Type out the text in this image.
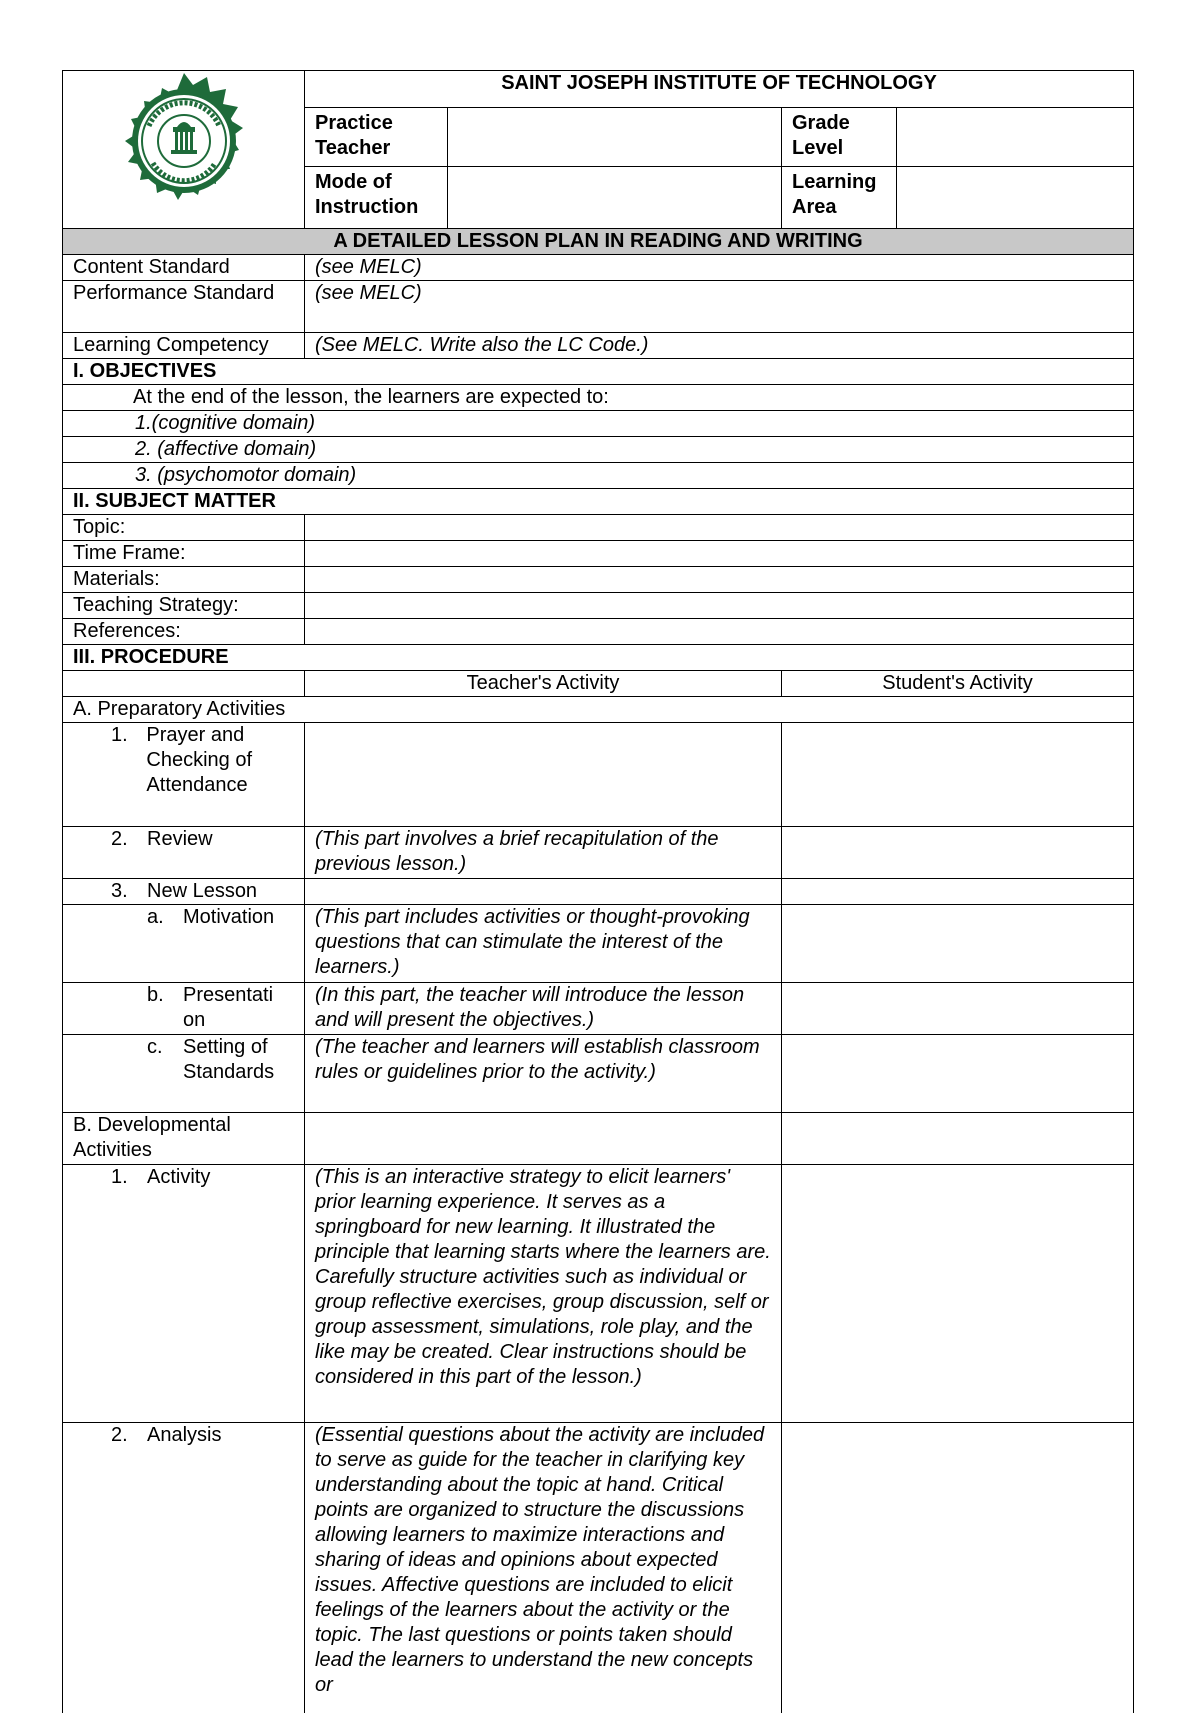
	SAINT JOSEPH INSTITUTE OF TECHNOLOGY			
	Practice Teacher		Grade Level	
	Mode of Instruction		Learning Area	
A DETAILED LESSON PLAN IN READING AND WRITING				
Content Standard	(see MELC)			
Performance Standard	(see MELC)			
Learning Competency	(See MELC. Write also the LC Code.)			
I. OBJECTIVES				
At the end of the lesson, the learners are expected to:				
1.(cognitive domain)				
2. (affective domain)				
3. (psychomotor domain)				
II. SUBJECT MATTER				
Topic:				
Time Frame:				
Materials:				
Teaching Strategy:				
References:				
III. PROCEDURE				
	Teacher's Activity		Student's Activity	
A. Preparatory Activities				

1. Prayer and Checking of Attendance				

2. Review	(This part involves a brief recapitulation of the previous lesson.)			

3. New Lesson				

a. Motivation	(This part includes activities or thought-provoking questions that can stimulate the interest of the learners.)			

b. Presentation	(In this part, the teacher will introduce the lesson and will present the objectives.)			

c. Setting of Standards	(The teacher and learners will establish classroom rules or guidelines prior to the activity.)			
B. Developmental Activities				

1. Activity	(This is an interactive strategy to elicit learners' prior learning experience. It serves as a springboard for new learning. It illustrated the principle that learning starts where the learners are. Carefully structure activities such as individual or group reflective exercises, group discussion, self or group assessment, simulations, role play, and the like may be created. Clear instructions should be considered in this part of the lesson.)			

2. Analysis	(Essential questions about the activity are included to serve as guide for the teacher in clarifying key understanding about the topic at hand. Critical points are organized to structure the discussions allowing learners to maximize interactions and sharing of ideas and opinions about expected issues. Affective questions are included to elicit feelings of the learners about the activity or the topic. The last questions or points taken should lead the learners to understand the new concepts or			
